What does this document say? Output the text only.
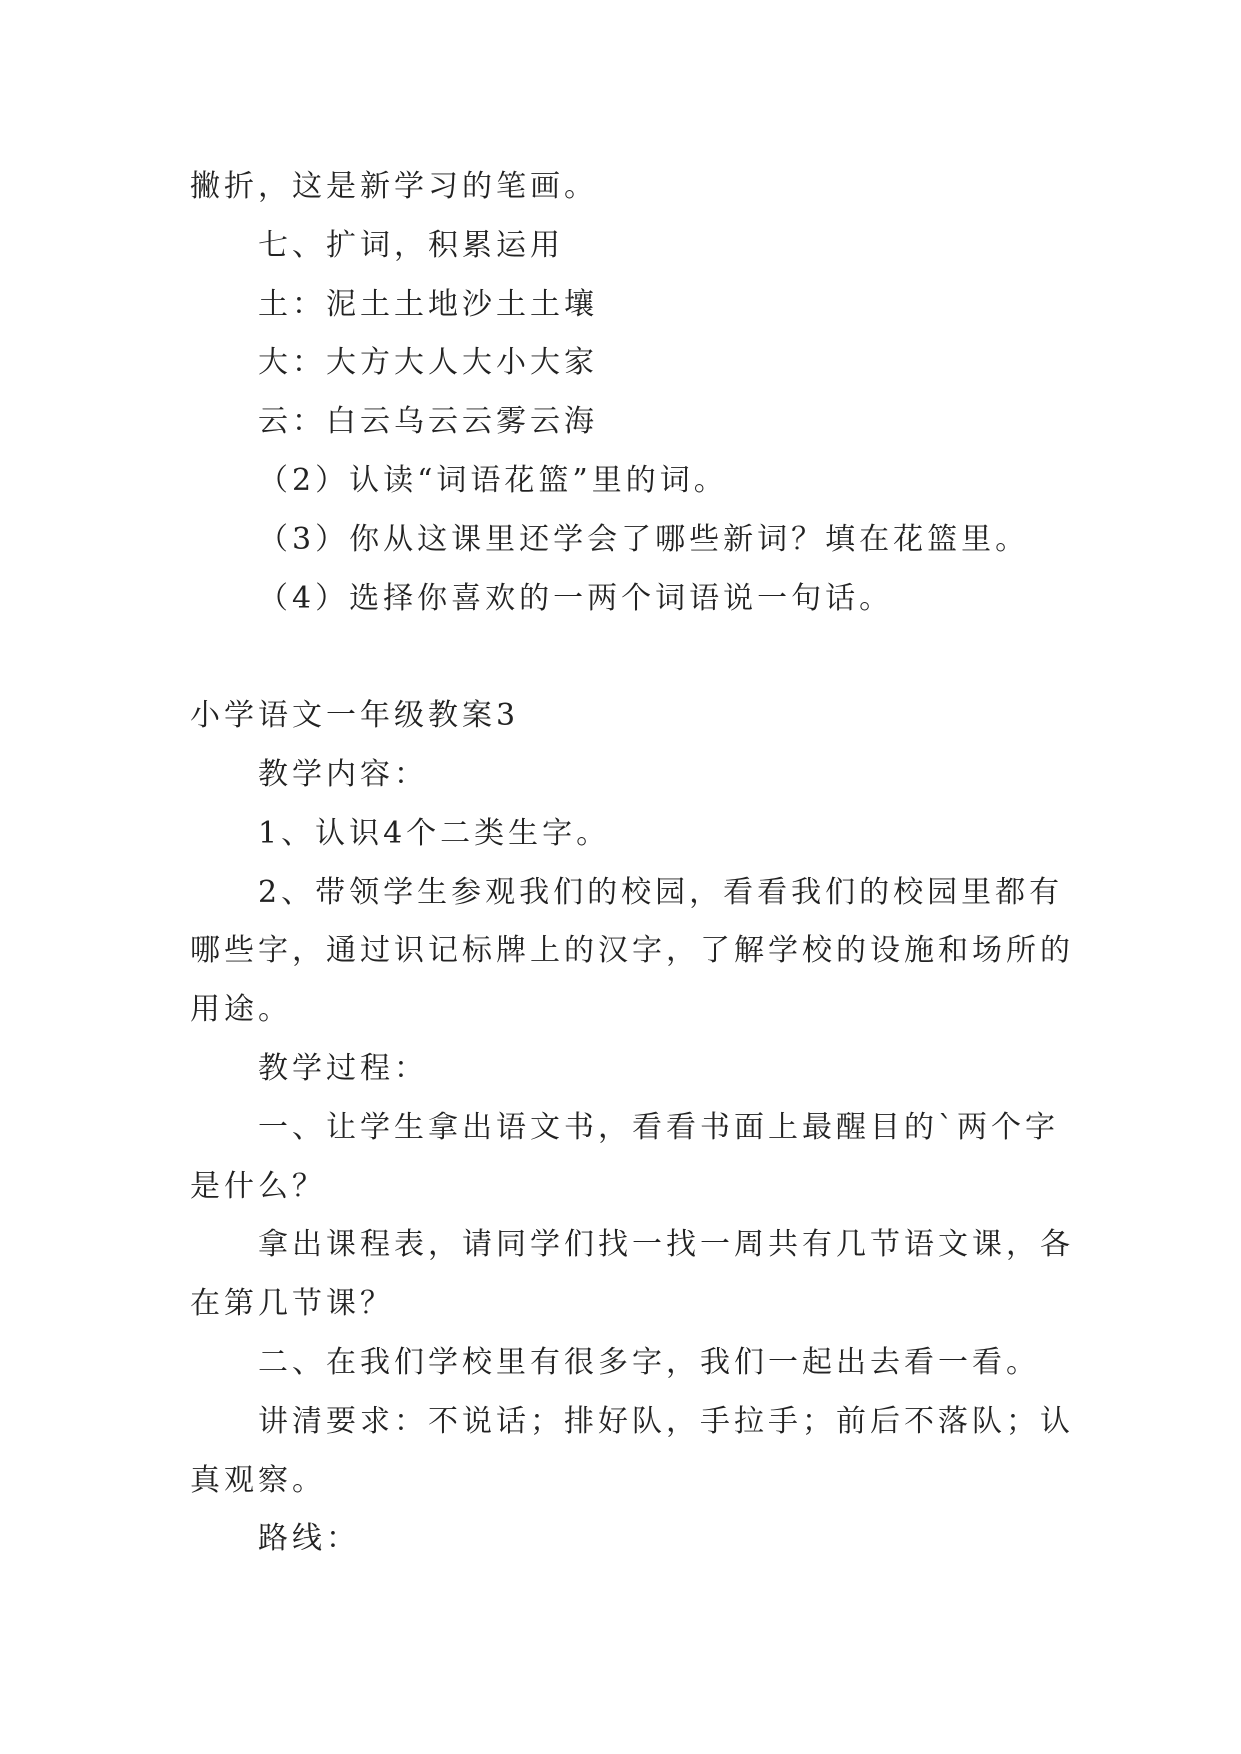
撇折，这是新学习的笔画。
七、扩词，积累运用
土：泥土土地沙土土壤
大：大方大人大小大家
云：白云乌云云雾云海
（2）认读“词语花篮”里的词。
（3）你从这课里还学会了哪些新词？填在花篮里。
（4）选择你喜欢的一两个词语说一句话。
小学语文一年级教案3
教学内容：
1、认识4个二类生字。
2、带领学生参观我们的校园，看看我们的校园里都有
哪些字，通过识记标牌上的汉字，了解学校的设施和场所的
用途。
教学过程：
一、让学生拿出语文书，看看书面上最醒目的`两个字
是什么？
拿出课程表，请同学们找一找一周共有几节语文课，各
在第几节课？
二、在我们学校里有很多字，我们一起出去看一看。
讲清要求：不说话；排好队，手拉手；前后不落队；认
真观察。
路线：
